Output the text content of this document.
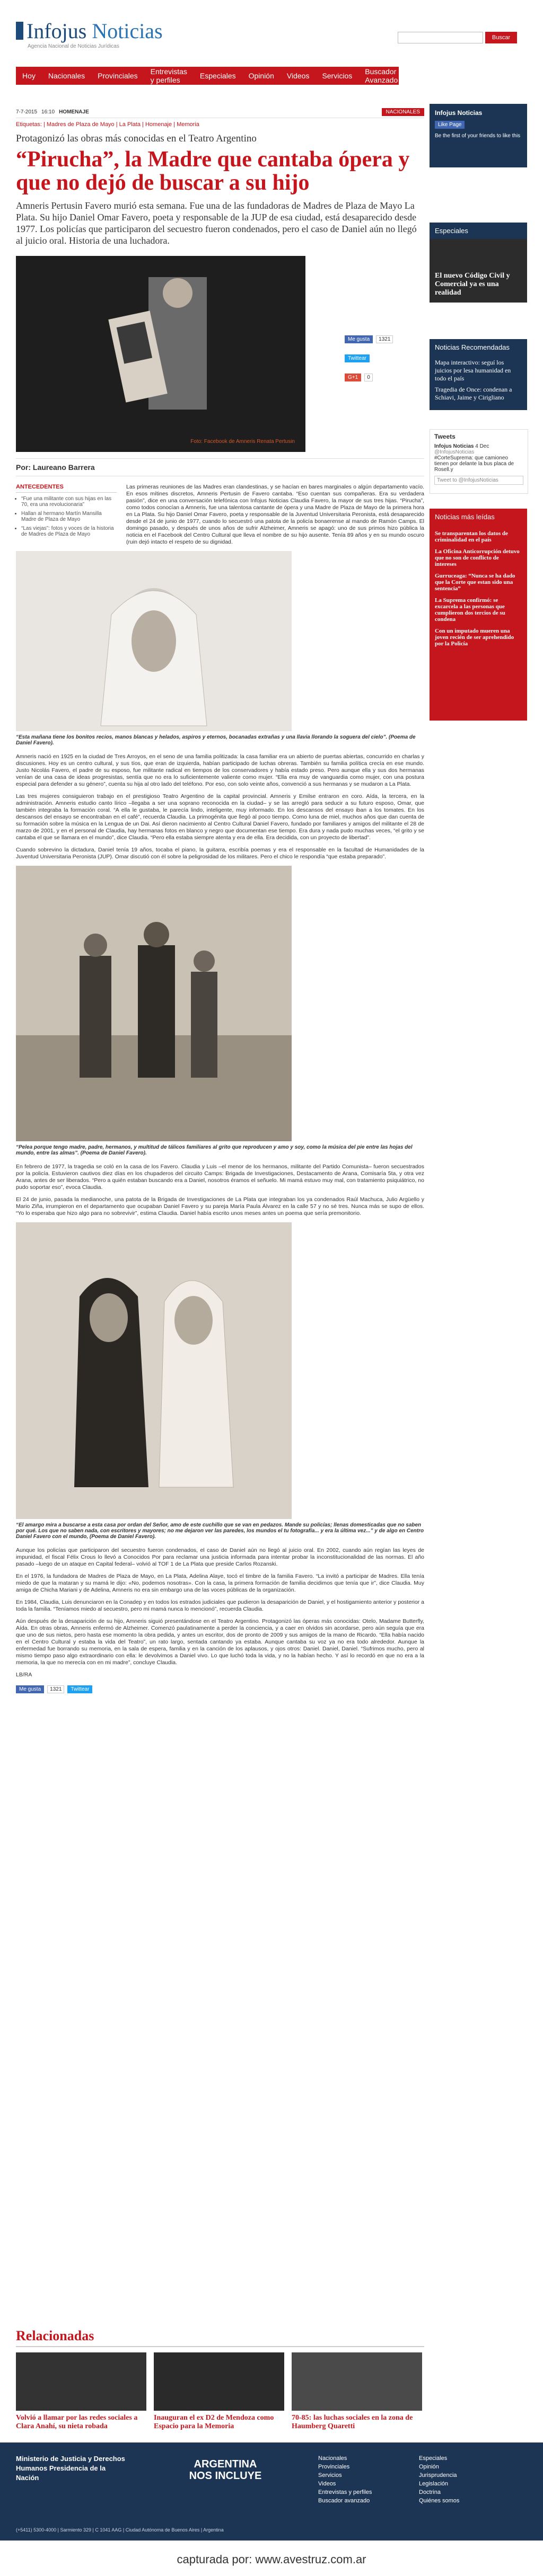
Infojus Noticias
Agencia Nacional de Noticias Jurídicas
Buscar
Hoy	Nacionales	Provinciales	Entrevistas y perfiles	Especiales	Opinión	Videos	Servicios	Buscador Avanzado
7-7-2015 16:10 HOMENAJE	NACIONALES
Etiquetas: | Madres de Plaza de Mayo | La Plata | Homenaje | Memoria
Protagonizó las obras más conocidas en el Teatro Argentino
“Pirucha”, la Madre que cantaba ópera y que no dejó de buscar a su hijo
Amneris Pertusin Favero murió esta semana. Fue una de las fundadoras de Madres de Plaza de Mayo La Plata. Su hijo Daniel Omar Favero, poeta y responsable de la JUP de esa ciudad, está desaparecido desde 1977. Los policías que participaron del secuestro fueron condenados, pero el caso de Daniel aún no llegó al juicio oral. Historia de una luchadora.
Foto: Facebook de Amneris Renata Pertusin
Me gusta	1321
Twittear
G+1	0
Por: Laureano Barrera
ANTECEDENTES
• “Fue una militante con sus hijas en las 70, era una revolucionaria”
• Hallan al hermano Martín Mansilla Madre de Plaza de Mayo
• “Las viejas”: fotos y voces de la historia de Madres de Plaza de Mayo

Las primeras reuniones de las Madres eran clandestinas, y se hacían en bares marginales o algún departamento vacío. En esos mítines discretos, Amneris Pertusin de Favero cantaba. “Eso cuentan sus compañeras. Era su verdadera pasión”, dice en una conversación telefónica con Infojus Noticias Claudia Favero, la mayor de sus tres hijas. “Pirucha”, como todos conocían a Amneris, fue una talentosa cantante de ópera y una Madre de Plaza de Mayo de la primera hora en La Plata. Su hijo Daniel Omar Favero, poeta y responsable de la Juventud Universitaria Peronista, está desaparecido desde el 24 de junio de 1977, cuando lo secuestró una patota de la policía bonaerense al mando de Ramón Camps. El domingo pasado, y después de unos años de sufrir Alzheimer, Amneris se apagó: uno de sus primos hizo pública la noticia en el Facebook del Centro Cultural que lleva el nombre de su hijo ausente. Tenía 89 años y en su mundo oscuro (ruin dejó intacto el respeto de su dignidad.

“Esta mañana tiene los bonitos recios, manos blancas y helados, aspiros y eternos, bocanadas extrañas y una llavia llorando la soguera del cielo”. (Poema de Daniel Favero).

Amneris nació en 1925 en la ciudad de Tres Arroyos, en el seno de una familia politizada: la casa familiar era un abierto de puertas abiertas, concurrido en charlas y discusiones. Hoy es un centro cultural, y sus tíos, que eran de izquierda, habían participado de luchas obreras. También su familia política crecía en ese mundo. Justo Nicolás Favero, el padre de su esposo, fue militante radical en tiempos de los conservadores y había estado preso. Pero aunque ella y sus dos hermanas venían de una casa de ideas progresistas, sentía que no era lo suficientemente valiente como mujer. “Ella era muy de vanguardia como mujer, con una postura especial para defender a su género”, cuenta su hija al otro lado del teléfono. Por eso, con solo veinte años, convenció a sus hermanas y se mudaron a La Plata.

Las tres mujeres consiguieron trabajo en el prestigioso Teatro Argentino de la capital provincial. Amneris y Emilse entraron en coro. Aída, la tercera, en la administración. Amneris estudio canto lírico –llegaba a ser una soprano reconocida en la ciudad– y se las arregló para seducir a su futuro esposo, Omar, que también integraba la formación coral. “A ella le gustaba, le parecía lindo, inteligente, muy informado. En los descansos del ensayo iban a los tomates. En los descansos del ensayo se encontraban en el café”, recuerda Claudia. La primogénita que llegó al poco tiempo. Como luna de miel, muchos años que dan cuenta de su formación sobre la música en la Lengua de un Dai. Así dieron nacimiento al Centro Cultural Daniel Favero, fundado por familiares y amigos del militante el 28 de marzo de 2001, y en el personal de Claudia, hay hermanas fotos en blanco y negro que documentan ese tiempo. Era dura y nada pudo muchas veces, “el grito y se cantaba el que se llamara en el mundo”, dice Claudia. “Pero ella estaba siempre atenta y era de ella. Era decidida, con un proyecto de libertad”.

Cuando sobrevino la dictadura, Daniel tenía 19 años, tocaba el piano, la guitarra, escribía poemas y era el responsable en la facultad de Humanidades de la Juventud Universitaria Peronista (JUP). Omar discutió con él sobre la peligrosidad de los militares. Pero el chico le respondía “que estaba preparado”.

“Pelea porque tengo madre, padre, hermanos, y multitud de tálicos familiares al grito que reproducen y amo y soy, como la música del pie entre las hojas del mundo, entre las almas”. (Poema de Daniel Favero).

En febrero de 1977, la tragedia se coló en la casa de los Favero. Claudia y Luis –el menor de los hermanos, militante del Partido Comunista– fueron secuestrados por la policía. Estuvieron cautivos diez días en los chupaderos del circuito Camps: Brigada de Investigaciones, Destacamento de Arana, Comisaría 5ta, y otra vez Arana, antes de ser liberados. “Pero a quién estaban buscando era a Daniel, nosotros éramos el señuelo. Mi mamá estuvo muy mal, con tratamiento psiquiátrico, no pudo soportar eso”, evoca Claudia.

El 24 de junio, pasada la medianoche, una patota de la Brigada de Investigaciones de La Plata que integraban los ya condenados Raúl Machuca, Julio Argüello y Mario Ziña, irrumpieron en el departamento que ocupaban Daniel Favero y su pareja María Paula Álvarez en la calle 57 y no sé tres. Nunca más se supo de ellos. “Yo lo esperaba que hizo algo para no sobrevivir”, estima Claudia. Daniel había escrito unos meses antes un poema que sería premonitorio.

“El amargo mira a buscarse a esta casa por ordan del Señor, amo de este cuchillo que se van en pedazos. Mande su policías; llenas domesticadas que no saben por qué. Los que no saben nada, con escritores y mayores; no me dejaron ver las paredes, los mundos el tu fotografía... y era la última vez...” y de algo en Centro Daniel Favero con el mundo, (Poema de Daniel Favero).

Aunque los policías que participaron del secuestro fueron condenados, el caso de Daniel aún no llegó al juicio oral. En 2002, cuando aún regían las leyes de impunidad, el fiscal Félix Crous lo llevó a Conocidos Por para reclamar una justicia informada para intentar probar la inconstitucionalidad de las normas. El año pasado –luego de un ataque en Capital federal– volvió al TOF 1 de La Plata que preside Carlos Rozanski.

En el 1976, la fundadora de Madres de Plaza de Mayo, en La Plata, Adelina Alaye, tocó el timbre de la familia Favero. “La invitó a participar de Madres. Ella tenía miedo de que la mataran y su mamá le dijo: «No, podemos nosotras». Con la casa, la primera formación de familia decidimos que tenía que ir”, dice Claudia. Muy amiga de Chicha Mariani y de Adelina, Amneris no era sin embargo una de las voces públicas de la organización.

En 1984, Claudia, Luis denunciaron en la Conadep y en todos los estrados judiciales que pudieron la desaparición de Daniel, y el hostigamiento anterior y posterior a toda la familia. “Teníamos miedo al secuestro, pero mi mamá nunca lo mencionó”, recuerda Claudia.

Aún después de la desaparición de su hijo, Amneris siguió presentándose en el Teatro Argentino. Protagonizó las óperas más conocidas: Otelo, Madame Butterfly, Aída. En otras obras, Amneris enfermó de Alzheimer. Comenzó paulatinamente a perder la conciencia, y a caer en olvidos sin acordarse, pero aún seguía que era que uno de sus nietos, pero hasta ese momento la obra pedida, y antes un escritor, dos de pronto de 2009 y sus amigos de la mano de Ricardo. “Ella había nacido en el Centro Cultural y estaba la vida del Teatro”, un rato largo, sentada cantando ya estaba. Aunque cantaba su voz ya no era todo alrededor. Aunque la enfermedad fue borrando su memoria, en la sala de espera, familia y en la canción de los aplausos, y ojos otros: Daniel. Daniel, Daniel. “Sufrimos mucho, pero al mismo tiempo paso algo extraordinario con ella: le devolvimos a Daniel vivo. Lo que luchó toda la vida, y no la habían hecho. Y así lo recordó en que no era a la memoria, la que no merecía con en mi madre”, concluye Claudia.

LB/RA

Me gusta	1321	Twittear
Infojus Noticias
Like Page
Be the first of your friends to like this
Especiales
El nuevo Código Civil y Comercial ya es una realidad
Noticias Recomendadas
Mapa interactivo: seguí los juicios por lesa humanidad en todo el país
Tragedia de Once: condenan a Schiavi, Jaime y Cirigliano
Tweets
Infojus Noticias 4 Dec
@InfojusNoticias
#CorteSuprema: que camioneo tienen por delante la bus placa de Rosell.y
Tweet to @InfojusNoticias
Noticias más leídas
Se transparentan los datos de criminalidad en el país
La Oficina Anticorrupción detuvo que no son de conflicto de intereses
Gurruceaga: “Nunca se ha dado que la Corte que estan sido una sentencia”
La Suprema confirmó: se excarcela a las personas que cumplieron dos tercios de su condena
Con un imputado mueren una joven recién de ser aprehendido por la Policía
Relacionadas
Volvió a llamar por las redes sociales a Clara Anahí, su nieta robada
Inauguran el ex D2 de Mendoza como Espacio para la Memoria
70-85: las luchas sociales en la zona de Haumberg Quaretti
Ministerio de Justicia y Derechos Humanos Presidencia de la Nación
ARGENTINA NOS INCLUYE
Nacionales
Provinciales
Servicios
Videos
Entrevistas y perfiles
Buscador avanzado
Especiales
Opinión
Jurisprudencia
Legislación
Doctrina
Quiénes somos
(+5411) 5300-4000 | Sarmiento 329 | C 1041 AAG | Ciudad Autónoma de Buenos Aires | Argentina
capturada por: www.avestruz.com.ar
